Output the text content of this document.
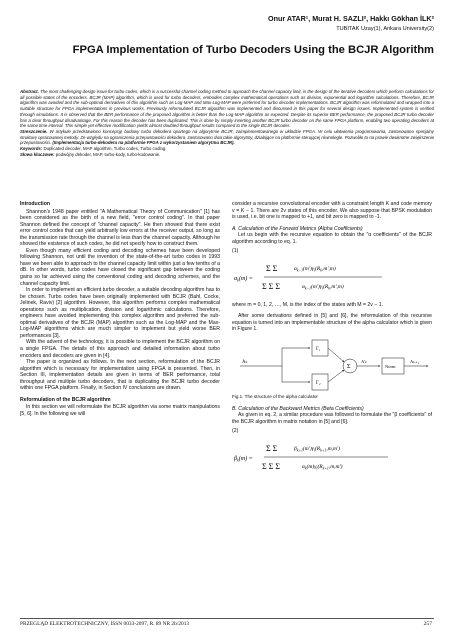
Onur ATAR¹, Murat H. SAZLI², Hakkı Gökhan İLK²
TUBITAK Uzay(1), Ankara University(2)
FPGA Implementation of Turbo Decoders Using the BCJR Algorithm
Abstract. The most challenging design issue for turbo codes, which is a successful channel coding method to approach the channel capacity limit, is the design of the iterative decoders which perform calculations for all possible states of the encoders. BCJR (MAP) algorithm, which is used for turbo decoders, embodies complex mathematical operations such as division, exponential and logarithm calculations. Therefore, BCJR algorithm was avoided and the sub-optimal derivatives of this algorithm such as Log-MAP and Max-Log-MAP were preferred for turbo decoder implementations. BCJR algorithm was reformulated and wrapped into a suitable structure for FPGA implementations in previous works. Previously reformulated BCJR algorithm was implemented and discussed in this paper for several design issues. Implemented system is verified through simulations. It is observed that the BER performance of the proposed algorithm is better than the Log-MAP algorithm as expected. Despite its superior BER performance, the proposed BCJR turbo decoder has a clear throughput disadvantage. For this reason the decoder has been duplicated. This is done by simply inserting another BCJR turbo decoder on the same FPGA platform, enabling two operating decoders at the same time interval. This simple yet effective modification yields almost doubled throughput results compared to the single BCJR decoder.
Streszczenie. W artykule przedstawiono koncepcję budowy turbo dekodera opartego na algorytmie BCJR, zaimplementowanego w układzie FPGA. W celu ułatwienia programowania, zastosowano specjalny strukturę opracowanej metody. Ze względu na ograniczenia przepustowości dekodera, zastosowano dwa takie algorytmy, działające na platformie sterującej równolegle. Pozwoliło to na prawie dwukrotne zwiększenie przepustowości. (Implementacja turbo-dekodera na platformie FPGA z wykorzystaniem algorytmu BCJR).
Keywords: Duplicated decoder, MAP algorithm, Turbo codes, Turbo coding.
Słowa kluczowe: podwójny dekoder, MAP, turbo-kody, turbo-kodowanie.

Introduction

Shannon's 1948 paper entitled "A Mathematical Theory of Communication" [1] has been considered as the birth of a new field, "error control coding". In that paper Shannon defined the concept of "channel capacity". He then showed that there exist error control codes that can yield arbitrarily low errors at the receiver output, so long as the transmission rate through the channel is less than the channel capacity. Although he showed the existence of such codes, he did not specify how to construct them.

Even though many efficient coding and decoding schemes have been developed following Shannon, not until the invention of the state-of-the-art turbo codes in 1993 have we been able to approach to the channel capacity limit within just a few tenths of a dB. In other words, turbo codes have closed the significant gap between the coding gains so far achieved using the conventional coding and decoding schemes, and the channel capacity limit.

In order to implement an efficient turbo decoder, a suitable decoding algorithm has to be chosen. Turbo codes have been originally implemented with BCJR (Bahl, Cocke, Jelinek, Raviv) [2] algorithm. However, this algorithm performs complex mathematical operations such as multiplication, division and logarithmic calculations. Therefore, engineers have avoided implementing this complex algorithm and preferred the sub-optimal derivatives of the BCJR (MAP) algorithm such as the Log-MAP and the Max-Log-MAP algorithms which are much simpler to implement but yield worse BER performances [3].

With the advent of the technology, it is possible to implement the BCJR algorithm on a single FPGA. The details of this approach and detailed information about turbo encoders and decoders are given in [4].

The paper is organized as follows. In the next section, reformulation of the BCJR algorithm which is necessary for implementation using FPGA is presented. Then, in Section III, implementation details are given in terms of BER performance, total throughput and multiple turbo decoders, that is duplicating the BCJR turbo decoder within one FPGA platform. Finally, in Section IV conclusions are drawn.

Reformulation of the BCJR algorithm

In this section we will reformulate the BCJR algorithm via some matrix manipulations [5, 6]. In the following we will

consider a recursive convolutional encoder with a constraint length K and code memory v = K − 1. There are 2v states of this encoder. We also suppose that BPSK modulation is used, i.e. bit one is mapped to +1, and bit zero is mapped to -1.

A. Calculation of the Forward Metrics (Alpha Coefficients)

Let us begin with the recursive equation to obtain the "α coefficients" of the BCJR algorithm according to eq. 1.

(1)
$\alpha_k(m)$ =
Σ Σ	$\alpha_{k-1}(m')\gamma_i(R_k,m',m)$
Σ Σ Σ	$\alpha_{k-1}(m')\gamma_i(R_k,m',m)$

where m = 0, 1, 2, …, M, is the index of the states with M = 2v − 1.

After some derivations defined in [5] and [6], the reformulation of this recursive equation is turned into an implementable structure of the alpha calculator which is given in Figure 1.

Aₖ
Γ₁
Γ₂
Σ
A'ₖ
Norm
Aₖ₊₁

Fig.1. The structure of the alpha calculator

B. Calculation of the Backward Metrics (Beta Coefficients)

As given in eq. 2, a similar procedure was followed to formulate the "β coefficients" of the BCJR algorithm in matrix notation in [5] and [6].

(2)
$\beta_k(m)$ =
Σ Σ	$\beta_{k+1}(m')\gamma_i(R_{k+1},m,m')$
Σ Σ Σ	$\alpha_k(m)\gamma_i(R_{k+1},m,m')$
PRZEGLĄD ELEKTROTECHNICZNY, ISSN 0033-2097, R. 89 NR 2b/2013	257
